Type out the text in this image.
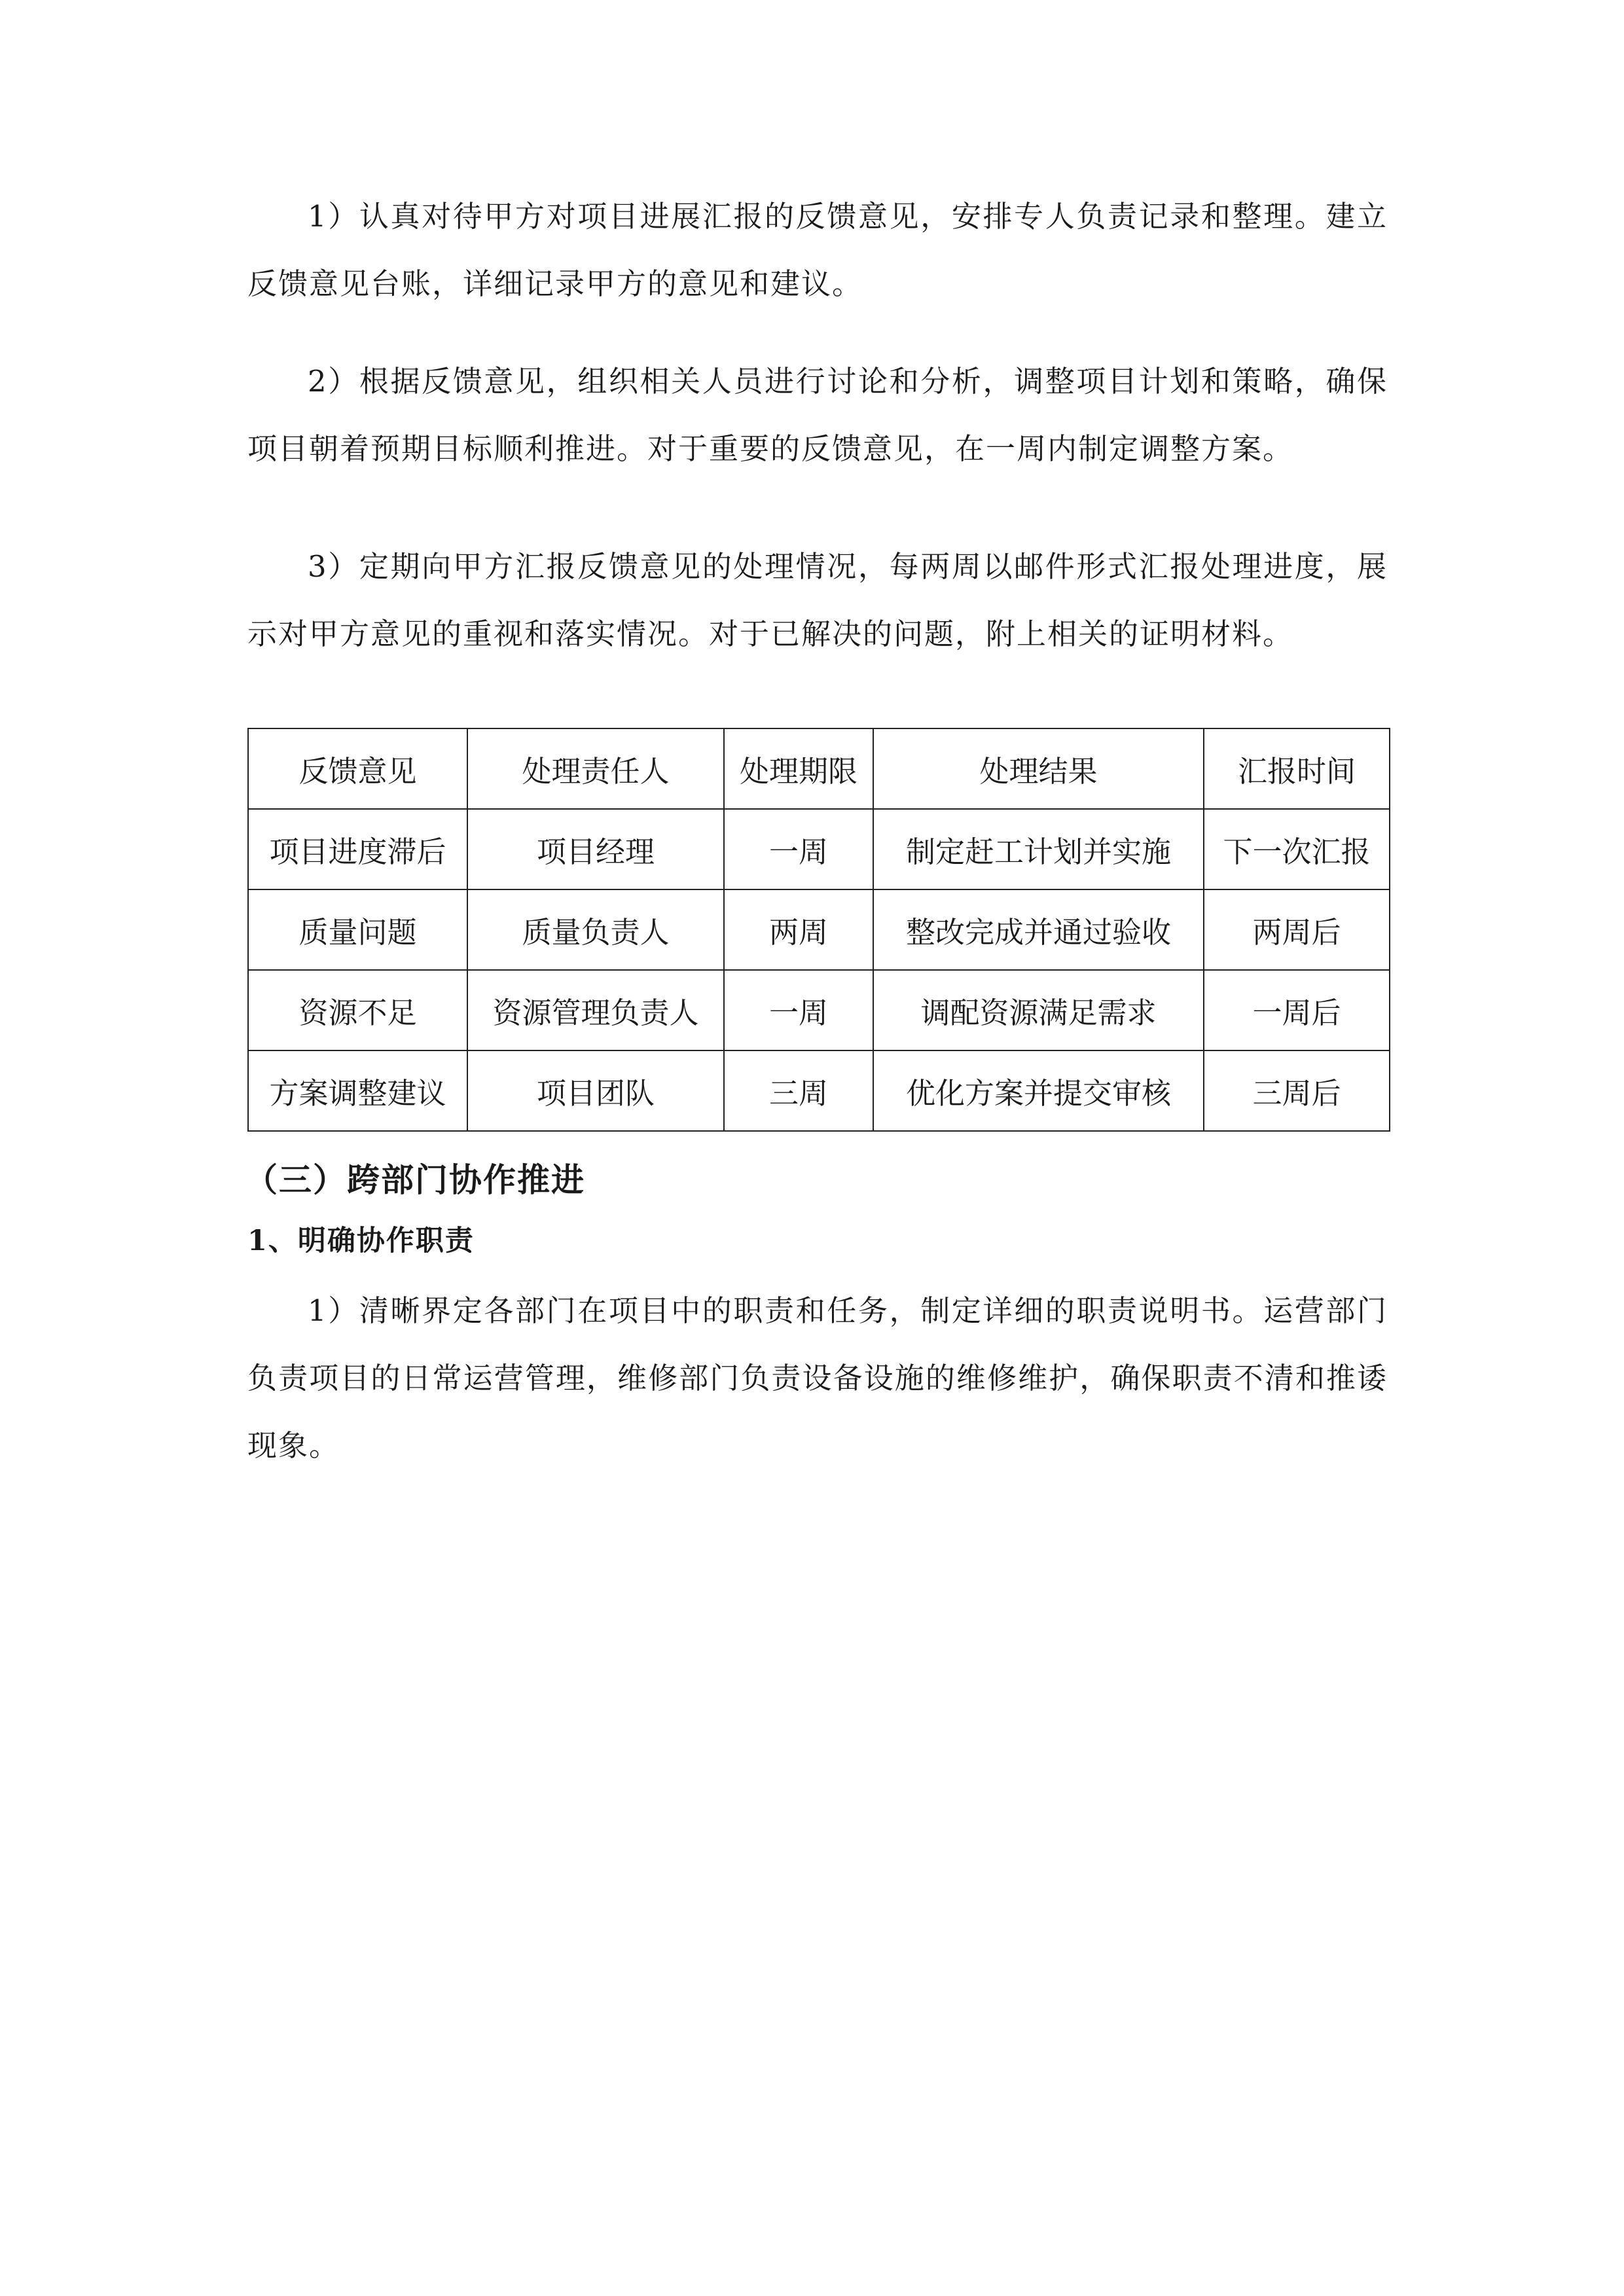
1）认真对待甲方对项目进展汇报的反馈意见，安排专人负责记录和整理。建立反馈意见台账，详细记录甲方的意见和建议。

2）根据反馈意见，组织相关人员进行讨论和分析，调整项目计划和策略，确保项目朝着预期目标顺利推进。对于重要的反馈意见，在一周内制定调整方案。

3）定期向甲方汇报反馈意见的处理情况，每两周以邮件形式汇报处理进度，展示对甲方意见的重视和落实情况。对于已解决的问题，附上相关的证明材料。

反馈意见	处理责任人	处理期限	处理结果	汇报时间
项目进度滞后	项目经理	一周	制定赶工计划并实施	下一次汇报
质量问题	质量负责人	两周	整改完成并通过验收	两周后
资源不足	资源管理负责人	一周	调配资源满足需求	一周后
方案调整建议	项目团队	三周	优化方案并提交审核	三周后
（三）跨部门协作推进
1、明确协作职责

1）清晰界定各部门在项目中的职责和任务，制定详细的职责说明书。运营部门负责项目的日常运营管理，维修部门负责设备设施的维修维护，确保职责不清和推诿现象。
